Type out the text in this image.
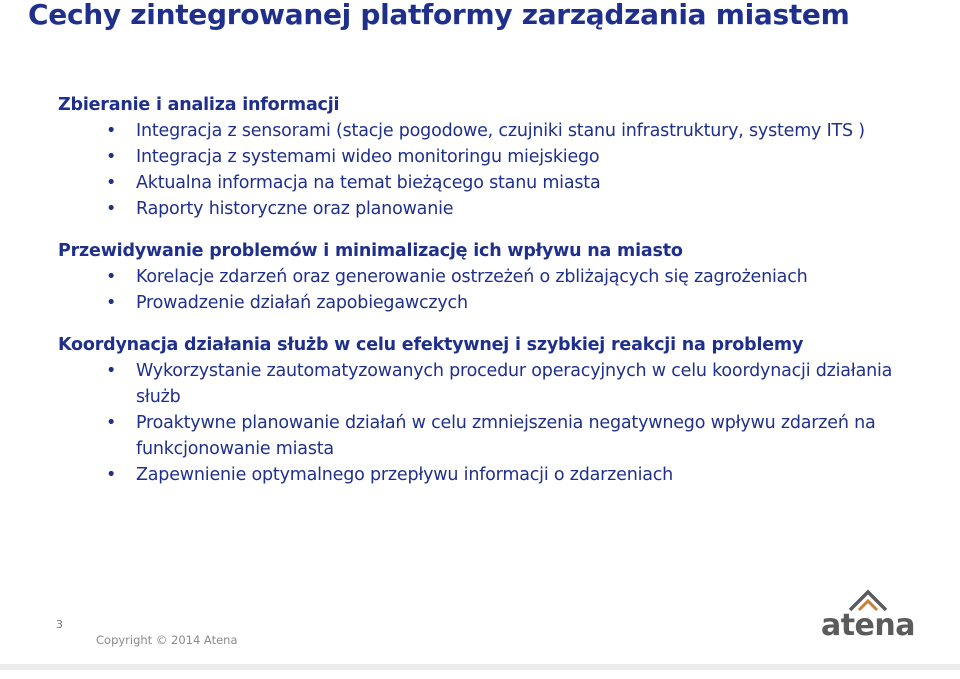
Cechy zintegrowanej platformy zarządzania miastem
Zbieranie i analiza informacji
• Integracja z sensorami (stacje pogodowe, czujniki stanu infrastruktury, systemy ITS )
• Integracja z systemami wideo monitoringu miejskiego
• Aktualna informacja na temat bieżącego stanu miasta
• Raporty historyczne oraz planowanie
Przewidywanie problemów i minimalizację ich wpływu na miasto
• Korelacje zdarzeń oraz generowanie ostrzeżeń o zbliżających się zagrożeniach
• Prowadzenie działań zapobiegawczych
Koordynacja działania służb w celu efektywnej i szybkiej reakcji na problemy
• Wykorzystanie zautomatyzowanych procedur operacyjnych w celu koordynacji działania służb
• Proaktywne planowanie działań w celu zmniejszenia negatywnego wpływu zdarzeń na funkcjonowanie miasta
• Zapewnienie optymalnego przepływu informacji o zdarzeniach
3
Copyright © 2014 Atena	atena
